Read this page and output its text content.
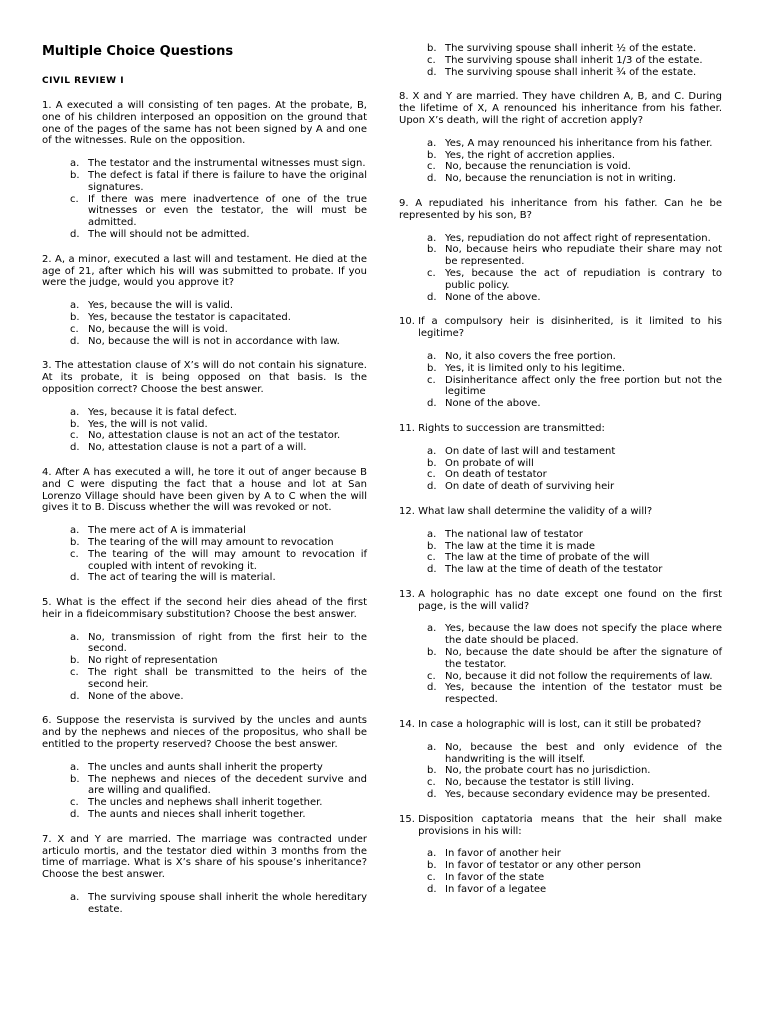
Multiple Choice Questions
CIVIL REVIEW I
1. A executed a will consisting of ten pages. At the probate, B, one of his children interposed an opposition on the ground that one of the pages of the same has not been signed by A and one of the witnesses. Rule on the opposition.
a. The testator and the instrumental witnesses must sign.
b. The defect is fatal if there is failure to have the original signatures.
c. If there was mere inadvertence of one of the true witnesses or even the testator, the will must be admitted.
d. The will should not be admitted.
2. A, a minor, executed a last will and testament. He died at the age of 21, after which his will was submitted to probate. If you were the judge, would you approve it?
a. Yes, because the will is valid.
b. Yes, because the testator is capacitated.
c. No, because the will is void.
d. No, because the will is not in accordance with law.
3. The attestation clause of X’s will do not contain his signature. At its probate, it is being opposed on that basis. Is the opposition correct? Choose the best answer.
a. Yes, because it is fatal defect.
b. Yes, the will is not valid.
c. No, attestation clause is not an act of the testator.
d. No, attestation clause is not a part of a will.
4. After A has executed a will, he tore it out of anger because B and C were disputing the fact that a house and lot at San Lorenzo Village should have been given by A to C when the will gives it to B. Discuss whether the will was revoked or not.
a. The mere act of A is immaterial
b. The tearing of the will may amount to revocation
c. The tearing of the will may amount to revocation if coupled with intent of revoking it.
d. The act of tearing the will is material.
5. What is the effect if the second heir dies ahead of the first heir in a fideicommisary substitution? Choose the best answer.
a. No, transmission of right from the first heir to the second.
b. No right of representation
c. The right shall be transmitted to the heirs of the second heir.
d. None of the above.
6. Suppose the reservista is survived by the uncles and aunts and by the nephews and nieces of the propositus, who shall be entitled to the property reserved? Choose the best answer.
a. The uncles and aunts shall inherit the property
b. The nephews and nieces of the decedent survive and are willing and qualified.
c. The uncles and nephews shall inherit together.
d. The aunts and nieces shall inherit together.
7. X and Y are married. The marriage was contracted under articulo mortis, and the testator died within 3 months from the time of marriage. What is X’s share of his spouse’s inheritance? Choose the best answer.
a. The surviving spouse shall inherit the whole hereditary estate.
b. The surviving spouse shall inherit ½ of the estate.
c. The surviving spouse shall inherit 1/3 of the estate.
d. The surviving spouse shall inherit ¾ of the estate.
8. X and Y are married. They have children A, B, and C. During the lifetime of X, A renounced his inheritance from his father. Upon X’s death, will the right of accretion apply?
a. Yes, A may renounced his inheritance from his father.
b. Yes, the right of accretion applies.
c. No, because the renunciation is void.
d. No, because the renunciation is not in writing.
9. A repudiated his inheritance from his father. Can he be represented by his son, B?
a. Yes, repudiation do not affect right of representation.
b. No, because heirs who repudiate their share may not be represented.
c. Yes, because the act of repudiation is contrary to public policy.
d. None of the above.
10.
If a compulsory heir is disinherited, is it limited to his legitime?
a. No, it also covers the free portion.
b. Yes, it is limited only to his legitime.
c. Disinheritance affect only the free portion but not the legitime
d. None of the above.
11.
Rights to succession are transmitted:
a. On date of last will and testament
b. On probate of will
c. On death of testator
d. On date of death of surviving heir
12.
What law shall determine the validity of a will?
a. The national law of testator
b. The law at the time it is made
c. The law at the time of probate of the will
d. The law at the time of death of the testator
13.
A holographic has no date except one found on the first page, is the will valid?
a. Yes, because the law does not specify the place where the date should be placed.
b. No, because the date should be after the signature of the testator.
c. No, because it did not follow the requirements of law.
d. Yes, because the intention of the testator must be respected.
14.
In case a holographic will is lost, can it still be probated?
a. No, because the best and only evidence of the handwriting is the will itself.
b. No, the probate court has no jurisdiction.
c. No, because the testator is still living.
d. Yes, because secondary evidence may be presented.
15.
Disposition captatoria means that the heir shall make provisions in his will:
a. In favor of another heir
b. In favor of testator or any other person
c. In favor of the state
d. In favor of a legatee
